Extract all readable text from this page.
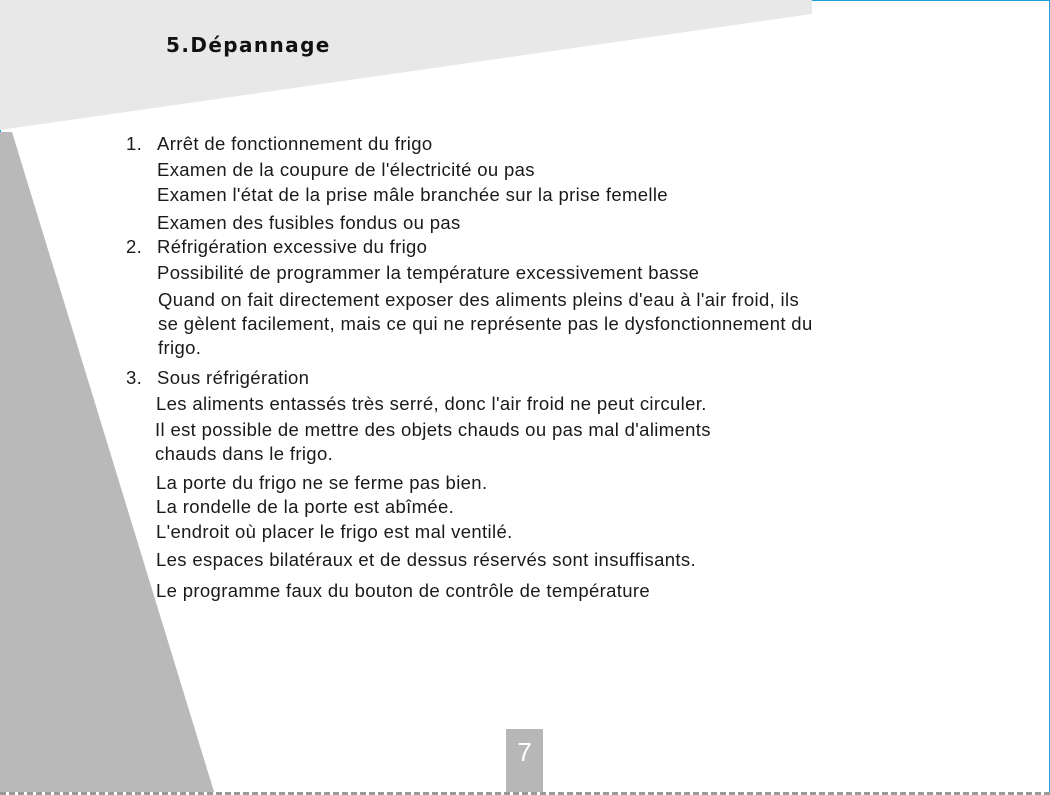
5.Dépannage
1. Arrêt de fonctionnement du frigo
Examen de la coupure de l'électricité ou pas
Examen l'état de la prise mâle branchée sur la prise femelle
Examen des fusibles fondus ou pas
2. Réfrigération excessive du frigo
Possibilité de programmer la température excessivement basse
Quand on fait directement exposer des aliments pleins d'eau à l'air froid, ils
se gèlent facilement, mais ce qui ne représente pas le dysfonctionnement du
frigo.
3. Sous réfrigération
Les aliments entassés très serré, donc l'air froid ne peut circuler.
Il est possible de mettre des objets chauds ou pas mal d'aliments
chauds dans le frigo.
La porte du frigo ne se ferme pas bien.
La rondelle de la porte est abîmée.
L'endroit où placer le frigo est mal ventilé.
Les espaces bilatéraux et de dessus réservés sont insuffisants.
Le programme faux du bouton de contrôle de température
7
